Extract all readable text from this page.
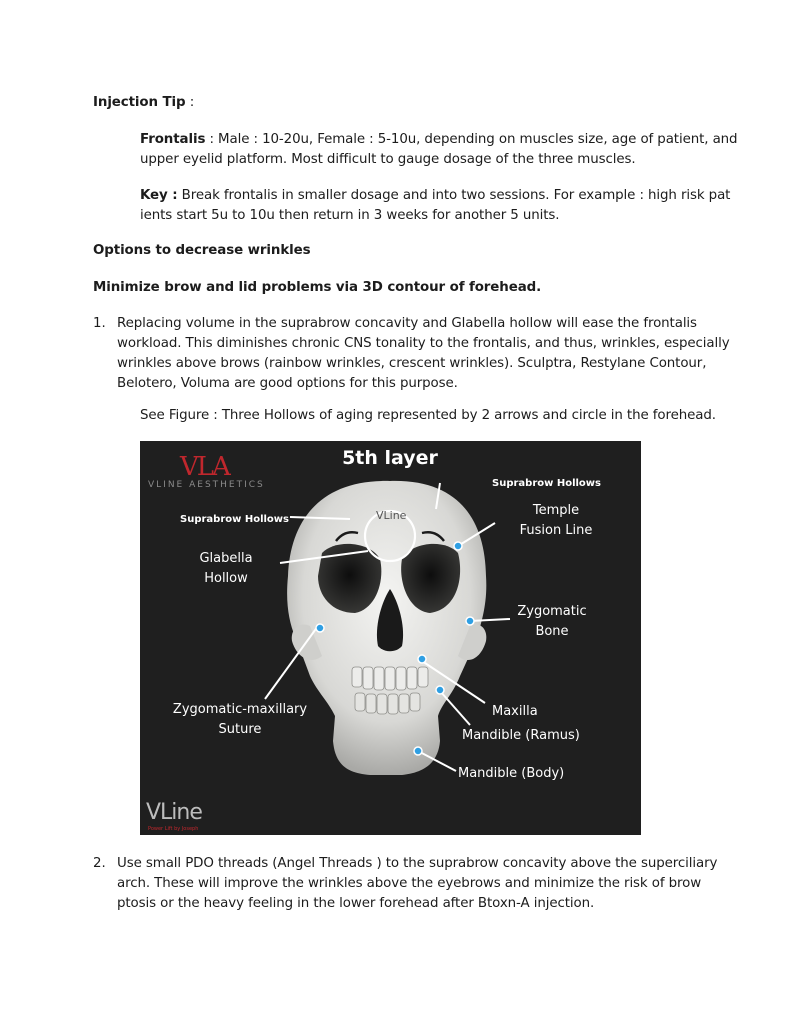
Injection Tip :
Frontalis : Male : 10-20u, Female : 5-10u, depending on muscles size, age of patient, and
upper eyelid platform. Most difficult to gauge dosage of the three muscles.
Key : Break frontalis in smaller dosage and into two sessions. For example : high risk pat
ients start 5u to 10u then return in 3 weeks for another 5 units.
Options to decrease wrinkles
Minimize brow and lid problems via 3D contour of forehead.
1. Replacing volume in the suprabrow concavity and Glabella hollow will ease the frontalis
workload. This diminishes chronic CNS tonality to the frontalis, and thus, wrinkles, especially
wrinkles above brows (rainbow wrinkles, crescent wrinkles). Sculptra, Restylane Contour,
Belotero, Voluma are good options for this purpose.
See Figure : Three Hollows of aging represented by 2 arrows and circle in the forehead.
VLine
VLA
VLINE AESTHETICS
5th layer
Suprabrow Hollows
Suprabrow Hollows
Temple
Fusion Line
Glabella
Hollow
Zygomatic
Bone
Zygomatic-maxillary
Suture
Maxilla
Mandible (Ramus)
Mandible (Body)
VLine
Power Lift by Joseph
2. Use small PDO threads (Angel Threads ) to the suprabrow concavity above the superciliary
arch. These will improve the wrinkles above the eyebrows and minimize the risk of brow
ptosis or the heavy feeling in the lower forehead after Btoxn-A injection.
